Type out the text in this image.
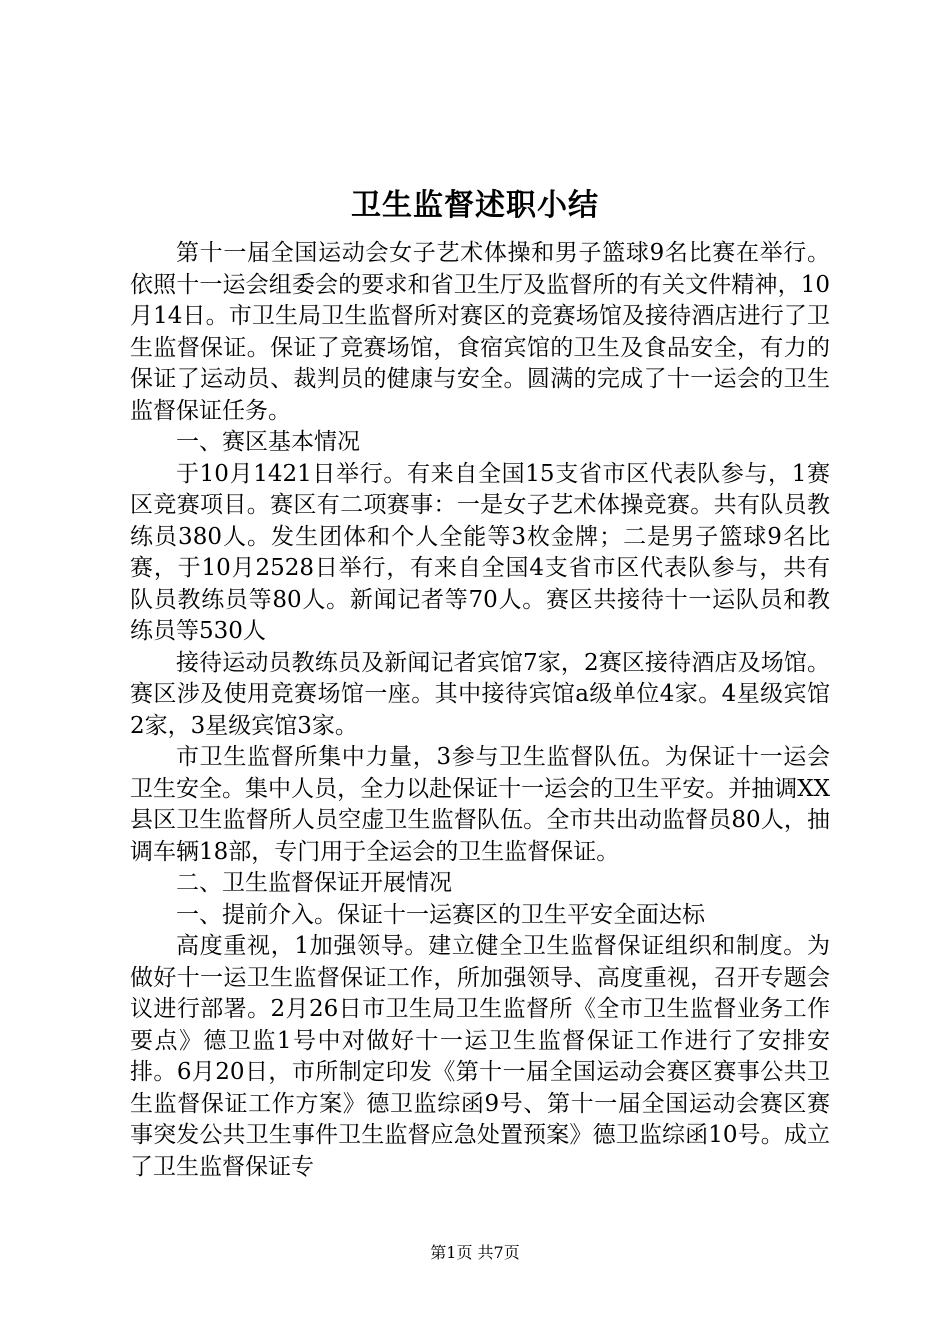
卫生监督述职小结

第十一届全国运动会女子艺术体操和男子篮球9名比赛在举行。依照十一运会组委会的要求和省卫生厅及监督所的有关文件精神，10月14日。市卫生局卫生监督所对赛区的竞赛场馆及接待酒店进行了卫生监督保证。保证了竞赛场馆，食宿宾馆的卫生及食品安全，有力的保证了运动员、裁判员的健康与安全。圆满的完成了十一运会的卫生监督保证任务。

一、赛区基本情况

于10月1421日举行。有来自全国15支省市区代表队参与，1赛区竞赛项目。赛区有二项赛事：一是女子艺术体操竞赛。共有队员教练员380人。发生团体和个人全能等3枚金牌；二是男子篮球9名比赛，于10月2528日举行，有来自全国4支省市区代表队参与，共有队员教练员等80人。新闻记者等70人。赛区共接待十一运队员和教练员等530人

接待运动员教练员及新闻记者宾馆7家，2赛区接待酒店及场馆。赛区涉及使用竞赛场馆一座。其中接待宾馆a级单位4家。4星级宾馆2家，3星级宾馆3家。

市卫生监督所集中力量，3参与卫生监督队伍。为保证十一运会卫生安全。集中人员，全力以赴保证十一运会的卫生平安。并抽调XX县区卫生监督所人员空虚卫生监督队伍。全市共出动监督员80人，抽调车辆18部，专门用于全运会的卫生监督保证。

二、卫生监督保证开展情况

一、提前介入。保证十一运赛区的卫生平安全面达标

高度重视，1加强领导。建立健全卫生监督保证组织和制度。为做好十一运卫生监督保证工作，所加强领导、高度重视，召开专题会议进行部署。2月26日市卫生局卫生监督所《全市卫生监督业务工作要点》德卫监1号中对做好十一运卫生监督保证工作进行了安排安排。6月20日，市所制定印发《第十一届全国运动会赛区赛事公共卫生监督保证工作方案》德卫监综函9号、第十一届全国运动会赛区赛事突发公共卫生事件卫生监督应急处置预案》德卫监综函10号。成立了卫生监督保证专

第1页 共7页
